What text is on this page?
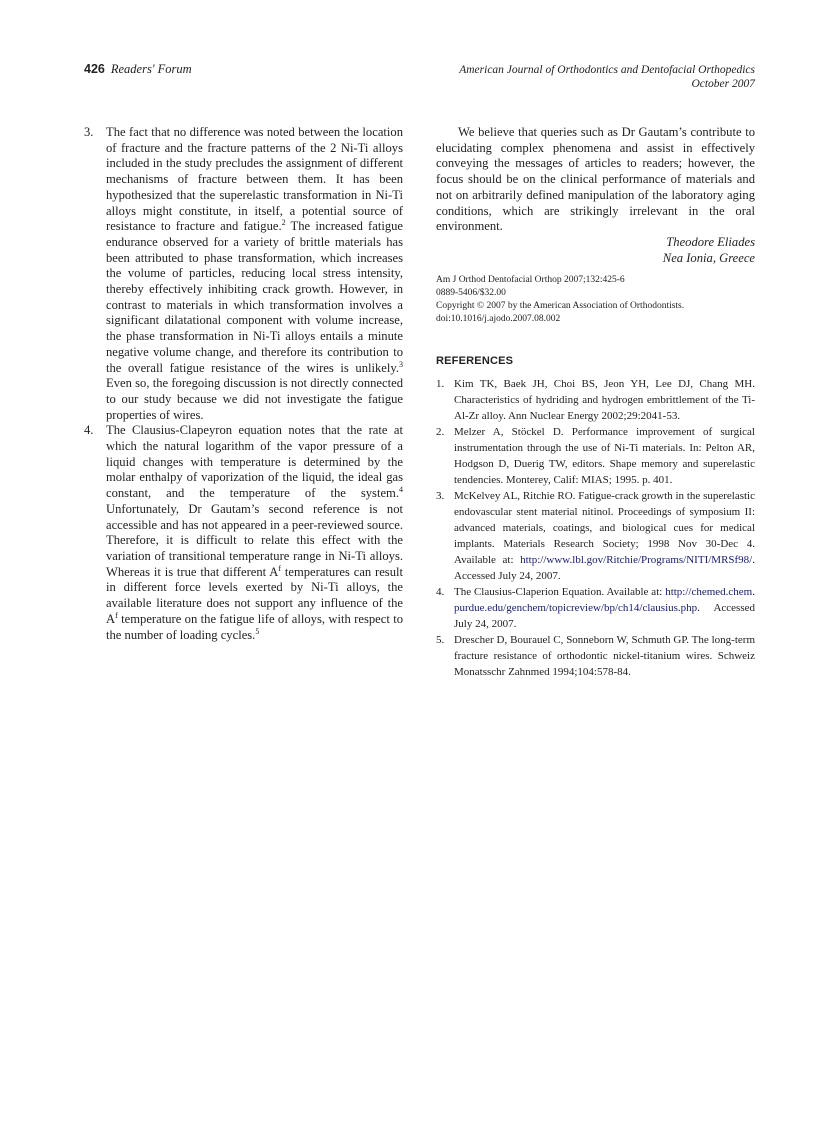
426 Readers' Forum	American Journal of Orthodontics and Dentofacial Orthopedics
October 2007
3. The fact that no difference was noted between the location of fracture and the fracture patterns of the 2 Ni-Ti alloys included in the study precludes the assignment of different mechanisms of fracture between them. It has been hypothesized that the superelastic transformation in Ni-Ti alloys might constitute, in itself, a potential source of resistance to fracture and fatigue.$^2$ The increased fatigue endurance observed for a variety of brittle materials has been attributed to phase transformation, which increases the volume of particles, reducing local stress intensity, thereby effectively inhibiting crack growth. However, in contrast to materials in which transformation involves a significant dilatational component with volume increase, the phase transformation in Ni-Ti alloys entails a minute negative volume change, and therefore its contribution to the overall fatigue resistance of the wires is unlikely.$^3$ Even so, the foregoing discussion is not directly connected to our study because we did not investigate the fatigue properties of wires.
4. The Clausius-Clapeyron equation notes that the rate at which the natural logarithm of the vapor pressure of a liquid changes with temperature is determined by the molar enthalpy of vaporization of the liquid, the ideal gas constant, and the temperature of the system.$^4$ Unfortunately, Dr Gautam’s second reference is not accessible and has not appeared in a peer-reviewed source. Therefore, it is difficult to relate this effect with the variation of transitional temperature range in Ni-Ti alloys. Whereas it is true that different $A^f$ temperatures can result in different force levels exerted by Ni-Ti alloys, the available literature does not support any influence of the $A^f$ temperature on the fatigue life of alloys, with respect to the number of loading cycles.$^5$

We believe that queries such as Dr Gautam’s contribute to elucidating complex phenomena and assist in effectively conveying the messages of articles to readers; however, the focus should be on the clinical performance of materials and not on arbitrarily defined manipulation of the laboratory aging conditions, which are strikingly irrelevant in the oral environment.

Theodore Eliades

Nea Ionia, Greece

Am J Orthod Dentofacial Orthop 2007;132:425-6
0889-5406/$32.00
Copyright © 2007 by the American Association of Orthodontists.
doi:10.1016/j.ajodo.2007.08.002
REFERENCES
1. Kim TK, Baek JH, Choi BS, Jeon YH, Lee DJ, Chang MH. Characteristics of hydriding and hydrogen embrittlement of the Ti-Al-Zr alloy. Ann Nuclear Energy 2002;29:2041-53.
2. Melzer A, Stöckel D. Performance improvement of surgical instrumentation through the use of Ni-Ti materials. In: Pelton AR, Hodgson D, Duerig TW, editors. Shape memory and superelastic tendencies. Monterey, Calif: MIAS; 1995. p. 401.
3. McKelvey AL, Ritchie RO. Fatigue-crack growth in the superelastic endovascular stent material nitinol. Proceedings of symposium II: advanced materials, coatings, and biological cues for medical implants. Materials Research Society; 1998 Nov 30-Dec 4. Available at: http://www.lbl.gov/Ritchie/Programs/NITI/MRSf98/. Accessed July 24, 2007.
4. The Clausius-Claperion Equation. Available at: http://chemed.chem.purdue.edu/genchem/topicreview/bp/ch14/clausius.php. Accessed July 24, 2007.
5. Drescher D, Bourauel C, Sonneborn W, Schmuth GP. The long-term fracture resistance of orthodontic nickel-titanium wires. Schweiz Monatsschr Zahnmed 1994;104:578-84.
